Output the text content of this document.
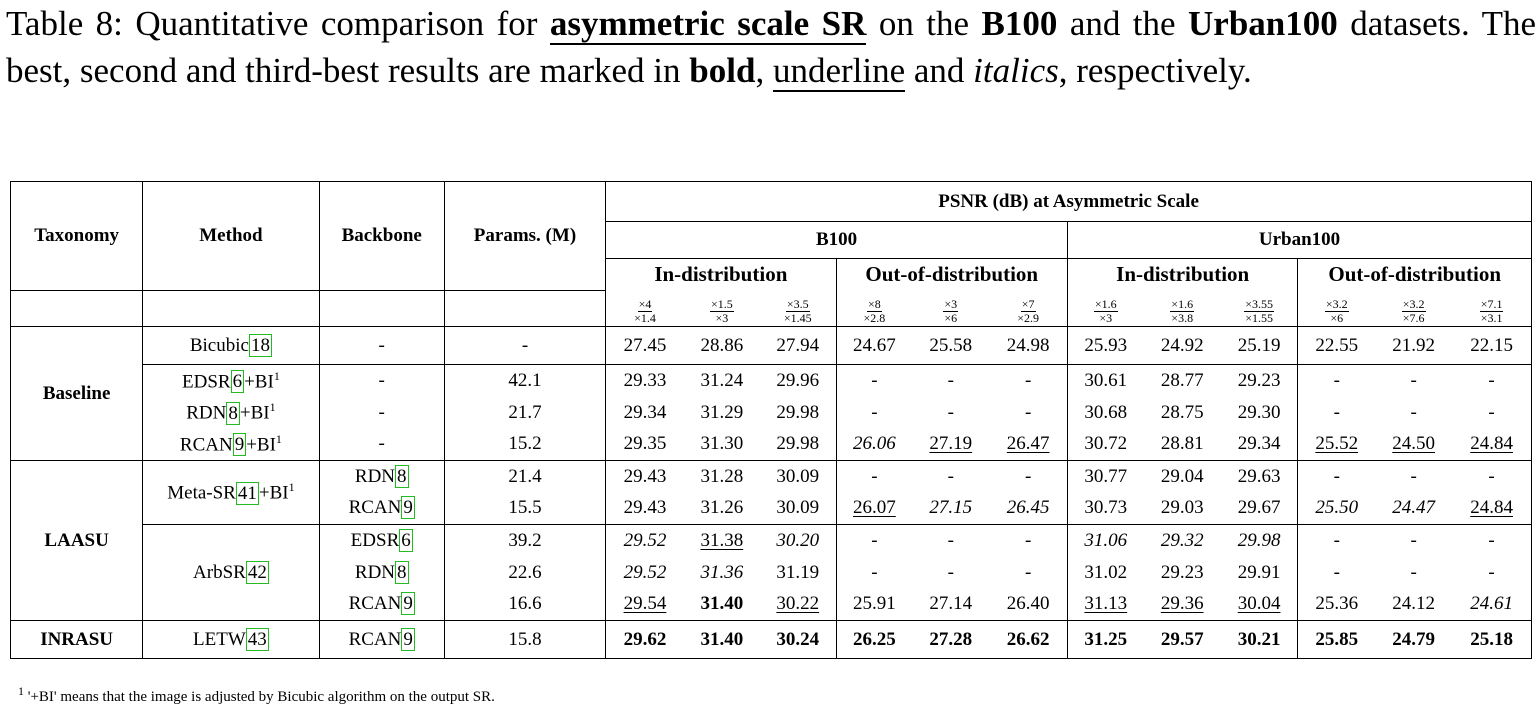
Table 8: Quantitative comparison for asymmetric scale SR on the B100 and the Urban100 datasets. The best, second and third-best results are marked in bold, underline and italics, respectively.
Taxonomy	Method	Backbone	Params. (M)	PSNR (dB) at Asymmetric Scale											
				B100						Urban100					
				In-distribution			Out-of-distribution			In-distribution			Out-of-distribution		

				$\frac{\times 4}{\times 1.4}$	$\frac{\times 1.5}{\times 3}$	$\frac{\times 3.5}{\times 1.45}$	$\frac{\times 8}{\times 2.8}$	$\frac{\times 3}{\times 6}$	$\frac{\times 7}{\times 2.9}$	$\frac{\times 1.6}{\times 3}$	$\frac{\times 1.6}{\times 3.8}$	$\frac{\times 3.55}{\times 1.55}$	$\frac{\times 3.2}{\times 6}$	$\frac{\times 3.2}{\times 7.6}$	$\frac{\times 7.1}{\times 3.1}$

Baseline	Bicubic 18	-	-	27.45	28.86	27.94	24.67	25.58	24.98	25.93	24.92	25.19	22.55	21.92	22.15
	EDSR $6 +BI^1$	-	42.1	29.33	31.24	29.96	-	-	-	30.61	28.77	29.23	-	-	-
	RDN $8 +BI^1$	-	21.7	29.34	31.29	29.98	-	-	-	30.68	28.75	29.30	-	-	-
	RCAN $9 +BI^1$	-	15.2	29.35	31.30	29.98	26.06	27.19	26.47	30.72	28.81	29.34	25.52	24.50	24.84
LAASU	Meta-SR $41 +BI^1$	RDN 8	21.4	29.43	31.28	30.09	-	-	-	30.77	29.04	29.63	-	-	-
		RCAN 9	15.5	29.43	31.26	30.09	26.07	27.15	26.45	30.73	29.03	29.67	25.50	24.47	24.84
	ArbSR 42	EDSR 6	39.2	29.52	31.38	30.20	-	-	-	31.06	29.32	29.98	-	-	-
		RDN 8	22.6	29.52	31.36	31.19	-	-	-	31.02	29.23	29.91	-	-	-
		RCAN 9	16.6	29.54	31.40	30.22	25.91	27.14	26.40	31.13	29.36	30.04	25.36	24.12	24.61
INRASU	LETW 43	RCAN 9	15.8	29.62	31.40	30.24	26.25	27.28	26.62	31.25	29.57	30.21	25.85	24.79	25.18
$^1$ '+BI' means that the image is adjusted by Bicubic algorithm on the output SR.
